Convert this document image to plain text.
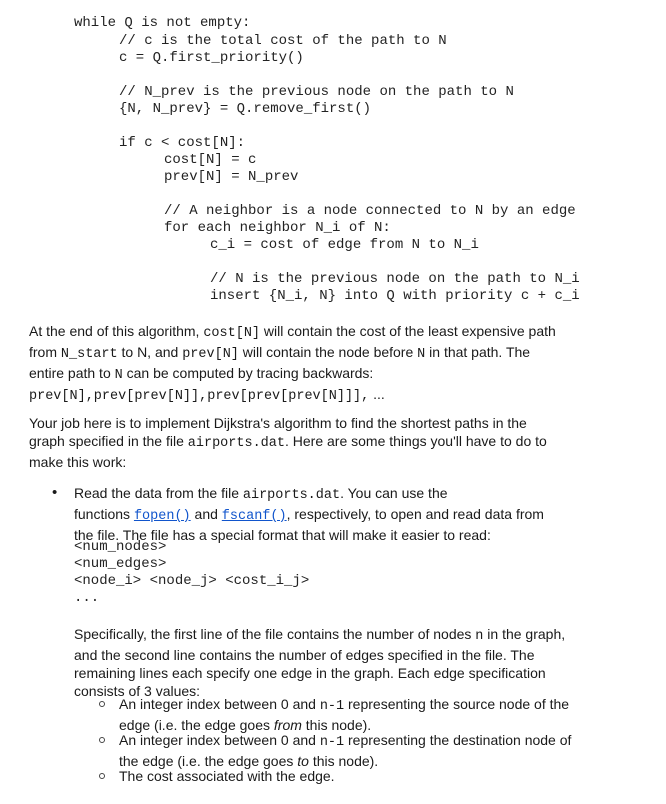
while Q is not empty:
// c is the total cost of the path to N
c = Q.first_priority()
// N_prev is the previous node on the path to N
{N, N_prev} = Q.remove_first()
if c < cost[N]:
cost[N] = c
prev[N] = N_prev
// A neighbor is a node connected to N by an edge
for each neighbor N_i of N:
c_i = cost of edge from N to N_i
// N is the previous node on the path to N_i
insert {N_i, N} into Q with priority c + c_i
At the end of this algorithm, cost[N] will contain the cost of the least expensive path
from N_start to N, and prev[N] will contain the node before N in that path. The
entire path to N can be computed by tracing backwards:
prev[N],prev[prev[N]],prev[prev[prev[N]]], ...
Your job here is to implement Dijkstra's algorithm to find the shortest paths in the
graph specified in the file airports.dat. Here are some things you'll have to do to
make this work:
• Read the data from the file airports.dat. You can use the
functions fopen() and fscanf(), respectively, to open and read data from
the file. The file has a special format that will make it easier to read:
<num_nodes>
<num_edges>
<node_i> <node_j> <cost_i_j>
...
Specifically, the first line of the file contains the number of nodes n in the graph,
and the second line contains the number of edges specified in the file. The
remaining lines each specify one edge in the graph. Each edge specification
consists of 3 values:
An integer index between 0 and n-1 representing the source node of the
edge (i.e. the edge goes from this node).
An integer index between 0 and n-1 representing the destination node of
the edge (i.e. the edge goes to this node).
The cost associated with the edge.
